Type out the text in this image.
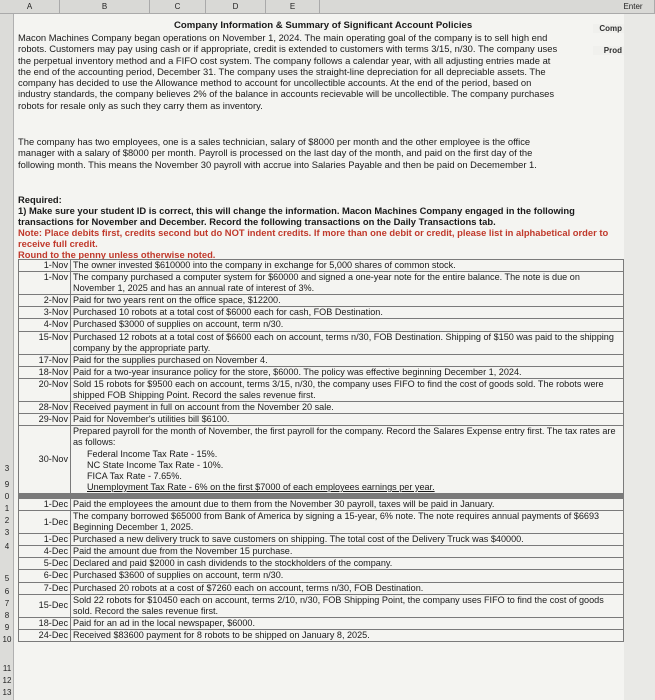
A	B	C	D	E	Enter
3
9
0
1
2
3
4
5
6
7
8
9
10
11
12
13
Comp
Prod
Company Information & Summary of Significant Account Policies
Macon Machines Company began operations on November 1, 2024. The main operating goal of the company is to sell high end robots. Customers may pay using cash or if appropriate, credit is extended to customers with terms 3/15, n/30. The company uses the perpetual inventory method and a FIFO cost system. The company follows a calendar year, with all adjusting entries made at the end of the accounting period, December 31. The company uses the straight-line depreciation for all depreciable assets. The company has decided to use the Allowance method to account for uncollectible accounts. At the end of the period, based on industry standards, the company believes 2% of the balance in accounts recievable will be uncollectible. The company purchases robots for resale only as such they carry them as inventory.
The company has two employees, one is a sales technician, salary of $8000 per month and the other employee is the office manager with a salary of $8000 per month. Payroll is processed on the last day of the month, and paid on the first day of the following month. This means the November 30 payroll with accrue into Salaries Payable and then be paid on Decemember 1.
Required:
1) Make sure your student ID is correct, this will change the information. Macon Machines Company engaged in the following transactions for November and December. Record the following transactions on the Daily Transactions tab.
Note: Place debits first, credits second but do NOT indent credits. If more than one debit or credit, please list in alphabetical order to receive full credit.
Round to the penny unless otherwise noted.
1-Nov	The owner invested $610000 into the company in exchange for 5,000 shares of common stock.
1-Nov	The company purchased a computer system for $60000 and signed a one-year note for the entire balance. The note is due on November 1, 2025 and has an annual rate of interest of 3%.
2-Nov	Paid for two years rent on the office space, $12200.
3-Nov	Purchased 10 robots at a total cost of $6000 each for cash, FOB Destination.
4-Nov	Purchased $3000 of supplies on account, term n/30.
15-Nov	Purchased 12 robots at a total cost of $6600 each on account, terms n/30, FOB Destination. Shipping of $150 was paid to the shipping company by the appropriate party.
17-Nov	Paid for the supplies purchased on November 4.
18-Nov	Paid for a two-year insurance policy for the store, $6000. The policy was effective beginning December 1, 2024.
20-Nov	Sold 15 robots for $9500 each on account, terms 3/15, n/30, the company uses FIFO to find the cost of goods sold. The robots were shipped FOB Shipping Point. Record the sales revenue first.
28-Nov	Received payment in full on account from the November 20 sale.
29-Nov	Paid for November's utilities bill $6100.
30-Nov	Prepared payroll for the month of November, the first payroll for the company. Record the Salares Expense entry first. The tax rates are as follows:
Federal Income Tax Rate - 15%.
NC State Income Tax Rate - 10%.
FICA Tax Rate - 7.65%.
Unemployment Tax Rate - 6% on the first $7000 of each employees earnings per year.

1-Dec	Paid the employees the amount due to them from the November 30 payroll, taxes will be paid in January.
1-Dec	The company borrowed $65000 from Bank of America by signing a 15-year, 6% note. The note requires annual payments of $6693 Beginning December 1, 2025.
1-Dec	Purchased a new delivery truck to save customers on shipping. The total cost of the Delivery Truck was $40000.
4-Dec	Paid the amount due from the November 15 purchase.
5-Dec	Declared and paid $2000 in cash dividends to the stockholders of the company.
6-Dec	Purchased $3600 of supplies on account, term n/30.
7-Dec	Purchased 20 robots at a cost of $7260 each on account, terms n/30, FOB Destination.
15-Dec	Sold 22 robots for $10450 each on account, terms 2/10, n/30, FOB Shipping Point, the company uses FIFO to find the cost of goods sold. Record the sales revenue first.
18-Dec	Paid for an ad in the local newspaper, $6000.
24-Dec	Received $83600 payment for 8 robots to be shipped on January 8, 2025.
